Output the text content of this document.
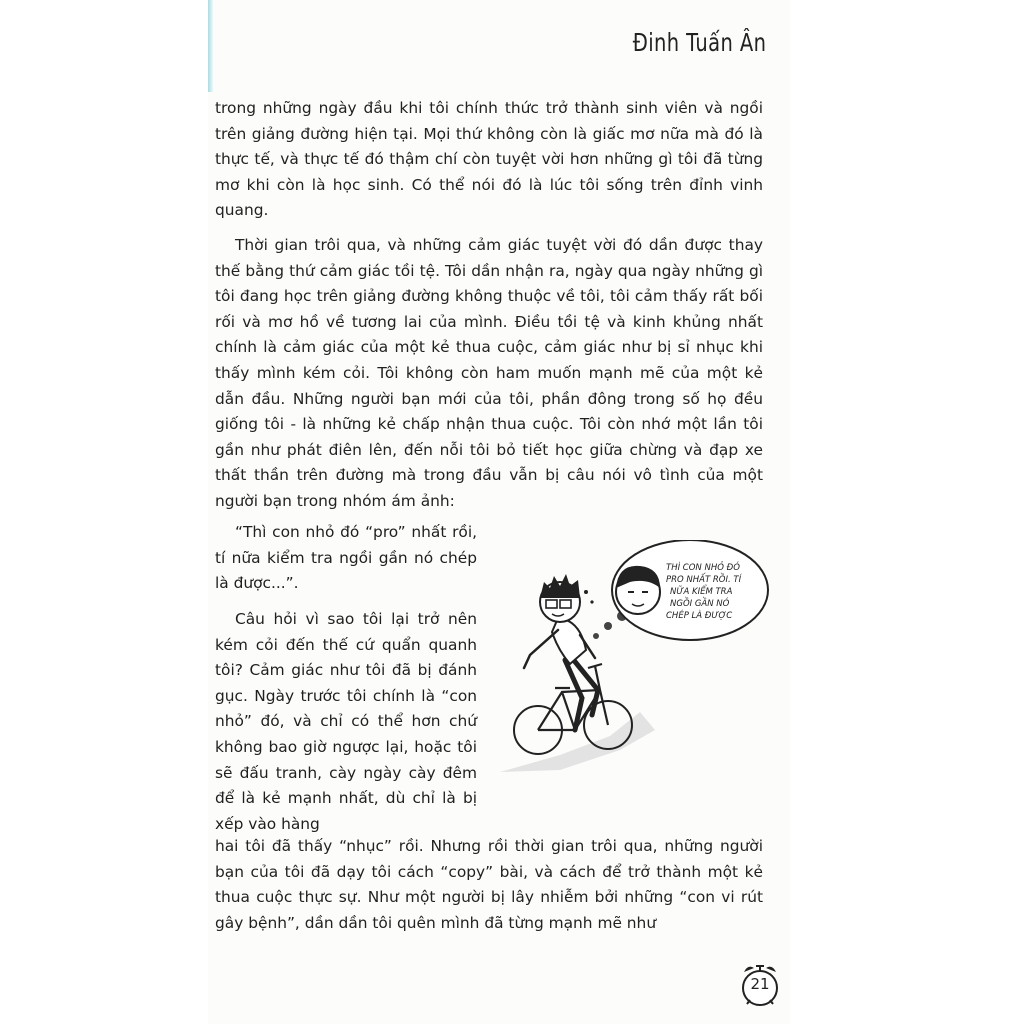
Đinh Tuấn Ân
trong những ngày đầu khi tôi chính thức trở thành sinh viên và ngồi trên giảng đường hiện tại. Mọi thứ không còn là giấc mơ nữa mà đó là thực tế, và thực tế đó thậm chí còn tuyệt vời hơn những gì tôi đã từng mơ khi còn là học sinh. Có thể nói đó là lúc tôi sống trên đỉnh vinh quang.
Thời gian trôi qua, và những cảm giác tuyệt vời đó dần được thay thế bằng thứ cảm giác tồi tệ. Tôi dần nhận ra, ngày qua ngày những gì tôi đang học trên giảng đường không thuộc về tôi, tôi cảm thấy rất bối rối và mơ hồ về tương lai của mình. Điều tồi tệ và kinh khủng nhất chính là cảm giác của một kẻ thua cuộc, cảm giác như bị sỉ nhục khi thấy mình kém cỏi. Tôi không còn ham muốn mạnh mẽ của một kẻ dẫn đầu. Những người bạn mới của tôi, phần đông trong số họ đều giống tôi - là những kẻ chấp nhận thua cuộc. Tôi còn nhớ một lần tôi gần như phát điên lên, đến nỗi tôi bỏ tiết học giữa chừng và đạp xe thất thần trên đường mà trong đầu vẫn bị câu nói vô tình của một người bạn trong nhóm ám ảnh:
“Thì con nhỏ đó “pro” nhất rồi, tí nữa kiểm tra ngồi gần nó chép là được...”.
Câu hỏi vì sao tôi lại trở nên kém cỏi đến thế cứ quẩn quanh tôi? Cảm giác như tôi đã bị đánh gục. Ngày trước tôi chính là “con nhỏ” đó, và chỉ có thể hơn chứ không bao giờ ngược lại, hoặc tôi sẽ đấu tranh, cày ngày cày đêm để là kẻ mạnh nhất, dù chỉ là bị xếp vào hàng
hai tôi đã thấy “nhục” rồi. Nhưng rồi thời gian trôi qua, những người bạn của tôi đã dạy tôi cách “copy” bài, và cách để trở thành một kẻ thua cuộc thực sự. Như một người bị lây nhiễm bởi những “con vi rút gây bệnh”, dần dần tôi quên mình đã từng mạnh mẽ như
THÌ CON NHỎ ĐÓ PRO NHẤT RỒI. TÍ NỮA KIỂM TRA NGỒI GẦN NÓ CHÉP LÀ ĐƯỢC
21
